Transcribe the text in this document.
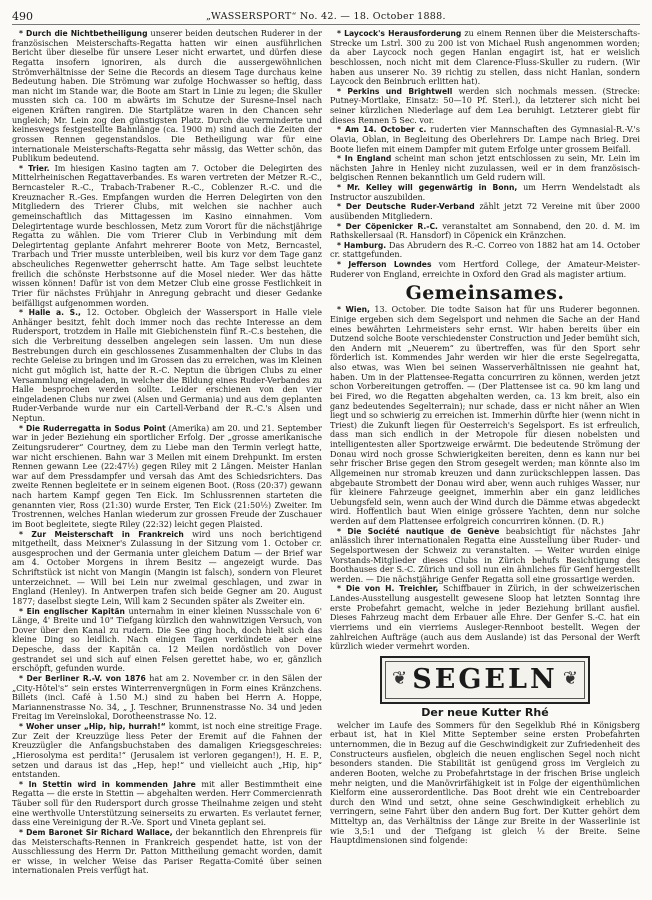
490	„WASSERSPORT“ No. 42. — 18. October 1888.

* Durch die Nichtbetheiligung unserer beiden deutschen Ruderer in der französischen Meisterschafts-Regatta hatten wir einen ausführlichen Bericht über dieselbe für unsere Leser nicht erwartet, und dürfen diese Regatta insofern ignoriren, als durch die aussergewöhnlichen Strömverhältnisse der Seine die Records an diesem Tage durchaus keine Bedeutung haben. Die Strömung war zufolge Hochwasser so heftig, dass man nicht im Stande war, die Boote am Start in Linie zu legen; die Skuller mussten sich ca. 100 m abwärts im Schutze der Suresne-Insel nach eigenen Kräften rangiren. Die Startplätze waren in den Chancen sehr ungleich; Mr. Lein zog den günstigsten Platz. Durch die verminderte und keineswegs festgestellte Bahnlänge (ca. 1900 m) sind auch die Zeiten der grossen Rennen gegenstandslos. Die Betheiligung war für eine internationale Meisterschafts-Regatta sehr mässig, das Wetter schön, das Publikum bedeutend.

* Trier. Im hiesigen Kasino tagten am 7. October die Delegirten des Mittelrheinischen Regattaverbandes. Es waren vertreten der Metzer R.-C., Berncasteler R.-C., Trabach-Trabener R.-C., Coblenzer R.-C. und die Kreuznacher R.-Ges. Empfangen wurden die Herren Delegirten von den Mitgliedern des Trierer Clubs, mit welchen sie nachher auch gemeinschaftlich das Mittagessen im Kasino einnahmen. Vom Delegirtentage wurde beschlossen, Metz zum Vorort für die nächstjährige Regatta zu wählen. Die vom Trierer Club in Verbindung mit dem Delegirtentag geplante Anfahrt mehrerer Boote von Metz, Berncastel, Trarbach und Trier musste unterbleiben, weil bis kurz vor dem Tage ganz abscheuliches Regenwetter geherrscht hatte. Am Tage selbst leuchtete freilich die schönste Herbstsonne auf die Mosel nieder. Wer das hätte wissen können! Dafür ist von dem Metzer Club eine grosse Festlichkeit in Trier für nächstes Frühjahr in Anregung gebracht und dieser Gedanke beifälligst aufgenommen worden.

* Halle a. S., 12. October. Obgleich der Wassersport in Halle viele Anhänger besitzt, fehlt doch immer noch das rechte Interesse an dem Rudersport, trotzdem in Halle mit Giebichenstein fünf R.-C.s bestehen, die sich die Verbreitung desselben angelegen sein lassen. Um nun diese Bestrebungen durch ein geschlossenes Zusammenhalten der Clubs in das rechte Geleise zu bringen und im Grossen das zu erreichen, was im Kleinen nicht gut möglich ist, hatte der R.-C. Neptun die übrigen Clubs zu einer Versammlung eingeladen, in welcher die Bildung eines Ruder-Verbandes zu Halle besprochen werden sollte. Leider erschienen von den vier eingeladenen Clubs nur zwei (Alsen und Germania) und aus dem geplanten Ruder-Verbande wurde nur ein Cartell-Verband der R.-C.'s Alsen und Neptun.

* Die Ruderregatta in Sodus Point (Amerika) am 20. und 21. September war in jeder Beziehung ein sportlicher Erfolg. Der „grosse amerikanische Zeitungsruderer“ Courtney, dem zu Liebe man den Termin verlegt hatte, war nicht erschienen. Bahn war 3 Meilen mit einem Drehpunkt. Im ersten Rennen gewann Lee (22:47½) gegen Riley mit 2 Längen. Meister Hanlan war auf dem Pressdampfer und versah das Amt des Schiedsrichters. Das zweite Rennen begleitete er in seinem eigenen Boot. (Ross (20:37) gewann nach hartem Kampf gegen Ten Eick. Im Schlussrennen starteten die genannten vier, Ross (21:30) wurde Erster, Ten Eick (21:50½) Zweiter. Im Trostrennen, welches Hanlan wiederum zur grossen Freude der Zuschauer im Boot begleitete, siegte Riley (22:32) leicht gegen Plaisted.

* Zur Meisterschaft in Frankreich wird uns noch berichtigend mitgetheilt, dass Meixner's Zulassung in der Sitzung vom 1. October cr. ausgesprochen und der Germania unter gleichem Datum — der Brief war am 4. October Morgens in ihrem Besitz — angezeigt wurde. Das Schriftstück ist nicht von Mangin (Mangin ist falsch), sondern von Fleuret unterzeichnet. — Will bei Lein nur zweimal geschlagen, und zwar in England (Henley). In Antwerpen trafen sich beide Gegner am 20. August 1877; daselbst siegte Lein, Will kam 2 Secunden später als Zweiter ein.

* Ein englischer Kapitän unternahm in einer kleinen Nussschale von 6' Länge, 4' Breite und 10" Tiefgang kürzlich den wahnwitzigen Versuch, von Dover über den Kanal zu rudern. Die See ging hoch, doch hielt sich das kleine Ding so leidlich. Nach einigen Tagen verkündete aber eine Depesche, dass der Kapitän ca. 12 Meilen nordöstlich von Dover gestrandet sei und sich auf einen Felsen gerettet habe, wo er, gänzlich erschöpft, gefunden wurde.

* Der Berliner R.-V. von 1876 hat am 2. November cr. in den Sälen der „City-Hôtel's“ sein erstes Winterrenvergnügen in Form eines Kränzchens. Billets (incl. Café à 1.50 M.) sind zu haben bei Herrn A. Hoppe, Mariannenstrasse No. 34, „ J. Teschner, Brunnenstrasse No. 34 und jeden Freitag im Vereinslokal, Dorotheenstrasse No. 12.

* Woher unser „Hip, hip, hurrah!“ kommt, ist noch eine streitige Frage. Zur Zeit der Kreuzzüge liess Peter der Eremit auf die Fahnen der Kreuzzügler die Anfangsbuchstaben des damaligen Kriegsgeschreies: „Hierosolyma est perdita!“ (Jerusalem ist verloren gegangen!), H. E. P., setzen und daraus ist das „Hep, hep!“ und vielleicht auch „Hip, hip“ entstanden.

* In Stettin wird in kommenden Jahre mit aller Bestimmtheit eine Regatta — die erste in Stettin — abgehalten werden. Herr Commercienrath Täuber soll für den Rudersport durch grosse Theilnahme zeigen und steht eine werthvolle Unterstützung seinerseits zu erwarten. Es verlautet ferner, dass eine Vereinigung der R.-Ve. Sport und Vineta geplant sei.

* Dem Baronet Sir Richard Wallace, der bekanntlich den Ehrenpreis für das Meisterschafts-Rennen in Frankreich gespendet hatte, ist von der Ausschliessung des Herrn Dr. Patton Mittheilung gemacht worden, damit er wisse, in welcher Weise das Pariser Regatta-Comité über seinen internationalen Preis verfügt hat.

* Laycock's Herausforderung zu einem Rennen über die Meisterschafts-Strecke um Lstrl. 300 zu 200 ist von Michael Rush angenommen worden; da aber Laycock noch gegen Hanlan engagirt ist, hat er weislich beschlossen, noch nicht mit dem Clarence-Fluss-Skuller zu rudern. (Wir haben aus unserer No. 39 richtig zu stellen, dass nicht Hanlan, sondern Laycock den Beinbruch erlitten hat).

* Perkins und Brightwell werden sich nochmals messen. (Strecke: Putney-Mortlake, Einsatz: 50—10 Pf. Sterl.), da letzterer sich nicht bei seiner kürzlichen Niederlage auf dem Lea beruhigt. Letzterer giebt für dieses Rennen 5 Sec. vor.

* Am 14. October c. ruderten vier Mannschaften des Gymnasial-R.-V.'s Olavia, Oblan, in Begleitung des Oberlehrers Dr. Lampe nach Brieg. Drei Boote liefen mit einem Dampfer mit gutem Erfolge unter grossem Beifall.

* In England scheint man schon jetzt entschlossen zu sein, Mr. Lein im nächsten Jahre in Henley nicht zuzulassen, weil er in dem französisch-belgischen Rennen bekanntlich um Geld rudern will.

* Mr. Kelley will gegenwärtig in Bonn, um Herrn Wendelstadt als Instructor auszubilden.

* Der Deutsche Ruder-Verband zählt jetzt 72 Vereine mit über 2000 ausübenden Mitgliedern.

* Der Cöpenicker R.-C. veranstaltet am Sonnabend, den 20. d. M. im Rathskellersaal (R. Hansdorf) in Cöpenick ein Kränzchen.

* Hamburg. Das Abrudern des R.-C. Correo von 1882 hat am 14. October cr. stattgefunden.

* Jefferson Lowndes vom Hertford College, der Amateur-Meister-Ruderer von England, erreichte in Oxford den Grad als magister artium.

Gemeinsames.

* Wien, 13. October. Die todte Saison hat für uns Ruderer begonnen. Einige ergeben sich dem Segelsport und nehmen die Sache an der Hand eines bewährten Lehrmeisters sehr ernst. Wir haben bereits über ein Dutzend solche Boote verschiedenster Construction und Jeder bemüht sich, den Andern mit „Neuerem“ zu übertreffen, was für den Sport sehr förderlich ist. Kommendes Jahr werden wir hier die erste Segelregatta, also etwas, was Wien bei seinen Wasserverhältnissen nie geahnt hat, haben. Um in der Plattensee-Regatta concurriren zu können, werden jetzt schon Vorbereitungen getroffen. — (Der Plattensee ist ca. 90 km lang und bei Fired, wo die Regatten abgehalten werden, ca. 13 km breit, also ein ganz bedeutendes Segelterrain); nur schade, dass er nicht näher an Wien liegt und so schwierig zu erreichen ist. Immerhin dürfte hier (wenn nicht in Triest) die Zukunft liegen für Oesterreich's Segelsport. Es ist erfreulich, dass man sich endlich in der Metropole für diesen nobelsten und intelligentesten aller Sportzweige erwärmt. Die bedeutende Strömung der Donau wird noch grosse Schwierigkeiten bereiten, denn es kann nur bei sehr frischer Brise gegen den Strom gesegelt werden; man könnte also im Allgemeinen nur stromab kreuzen und dann zurückschleppen lassen. Das abgebaute Strombett der Donau wird aber, wenn auch ruhiges Wasser, nur für kleinere Fahrzeuge geeignet, immerhin aber ein ganz leidliches Uebungsfeld sein, wenn auch der Wind durch die Dämme etwas abgedeckt wird. Hoffentlich baut Wien einige grössere Yachten, denn nur solche werden auf dem Plattensee erfolgreich concurriren können. (D. R.)

* Die Société nautique de Genève beabsichtigt für nächstes Jahr anlässlich ihrer internationalen Regatta eine Ausstellung über Ruder- und Segelsportwesen der Schweiz zu veranstalten. — Weiter wurden einige Vorstands-Mitglieder dieses Clubs in Zürich behufs Besichtigung des Boothauses der S.-C. Zürich und soll nun ein ähnliches für Genf hergestellt werden. — Die nächstjährige Genfer Regatta soll eine grossartige werden.

* Die von H. Treichler, Schiffbauer in Zürich, in der schweizerischen Landes-Ausstellung ausgestellt gewesene Sloop hat letzten Sonntag ihre erste Probefahrt gemacht, welche in jeder Beziehung brillant ausfiel. Dieses Fahrzeug macht dem Erbauer alle Ehre. Der Genfer S.-C. hat ein vierriems und ein vierriems Ausleger-Rennboot bestellt. Wegen der zahlreichen Aufträge (auch aus dem Auslande) ist das Personal der Werft kürzlich wieder vermehrt worden.

❦ SEGELN ❦
Der neue Kutter Rhé

welcher im Laufe des Sommers für den Segelklub Rhé in Königsberg erbaut ist, hat in Kiel Mitte September seine ersten Probefahrten unternommen, die in Bezug auf die Geschwindigkeit zur Zufriedenheit des Constructeurs ausfielen, obgleich die neuen englischen Segel noch nicht besonders standen. Die Stabilität ist genügend gross im Vergleich zu anderen Booten, welche zu Probefahrtstage in der frischen Brise ungleich mehr neigten, und die Manövrirfähigkeit ist in Folge der eigenthümlichen Kielform eine ausserordentliche. Das Boot dreht wie ein Centreboarder durch den Wind und setzt, ohne seine Geschwindigkeit erheblich zu verringern, seine Fahrt über den andern Bug fort. Der Kutter gehört dem Mitteltyp an, das Verhältniss der Länge zur Breite in der Wasserlinie ist wie 3,5:1 und der Tiefgang ist gleich ⅓ der Breite. Seine Hauptdimensionen sind folgende:
